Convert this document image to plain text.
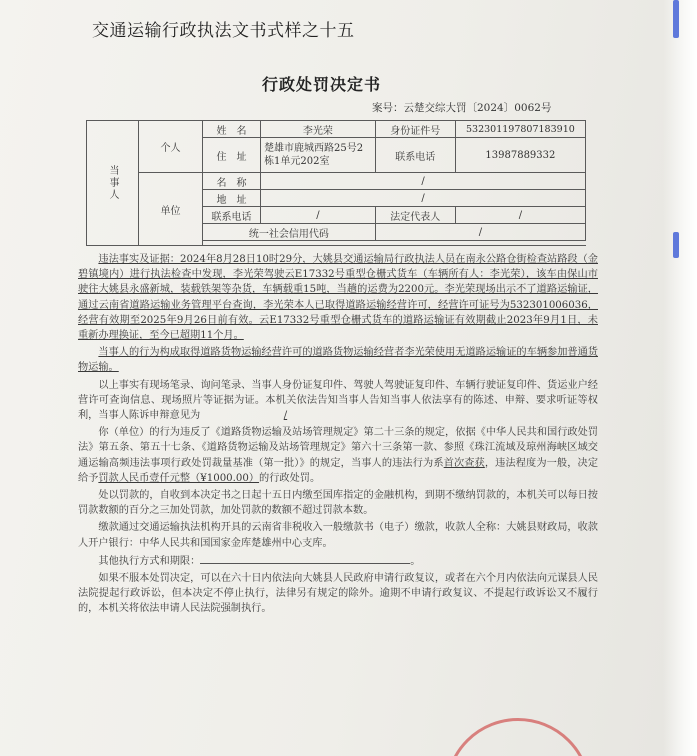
交通运输行政执法文书式样之十五
行政处罚决定书
案号：云楚交综大罚〔2024〕0062号
当事人	个人	姓　名	李光荣	身份证件号	532301197807183910
		住　址	楚雄市鹿城西路25号2栋1单元202室	联系电话	13987889332
	单位	名　称	/		
		地　址	/		
		联系电话	/	法定代表人	/
		统一社会信用代码		/	

违法事实及证据：2024年8月28日10时29分，大姚县交通运输局行政执法人员在南永公路仓街检查站路段（金碧镇境内）进行执法检查中发现，李光荣驾驶云E17332号重型仓栅式货车（车辆所有人：李光荣），该车由保山市驶往大姚县永盛新城，装载铁架等杂货，车辆载重15吨，当趟的运费为2200元。李光荣现场出示不了道路运输证，通过云南省道路运输业务管理平台查询，李光荣本人已取得道路运输经营许可，经营许可证号为532301006036，经营有效期至2025年9月26日前有效。云E17332号重型仓栅式货车的道路运输证有效期截止2023年9月1日，未重新办理换证，至今已超期11个月。

当事人的行为构成取得道路货物运输经营许可的道路货物运输经营者李光荣使用无道路运输证的车辆参加普通货物运输。

以上事实有现场笔录、询问笔录、当事人身份证复印件、驾驶人驾驶证复印件、车辆行驶证复印件、货运业户经营许可查询信息、现场照片等证据为证。本机关依法告知当事人告知当事人依法享有的陈述、申辩、要求听证等权利，当事人陈诉申辩意见为	/

你（单位）的行为违反了《道路货物运输及站场管理规定》第二十三条的规定，依据《中华人民共和国行政处罚法》第五条、第五十七条、《道路货物运输及站场管理规定》第六十三条第一款、参照《珠江流域及琼州海峡区域交通运输高频违法事项行政处罚裁量基准（第一批）》的规定，当事人的违法行为系首次查获，违法程度为一般，决定给予罚款人民币壹仟元整（¥1000.00）的行政处罚。

处以罚款的，自收到本决定书之日起十五日内缴至国库指定的金融机构，到期不缴纳罚款的，本机关可以每日按罚款数额的百分之三加处罚款，加处罚款的数额不超过罚款本数。

缴款通过交通运输执法机构开具的云南省非税收入一般缴款书（电子）缴款，收款人全称：大姚县财政局，收款人开户银行：中华人民共和国国家金库楚雄州中心支库。

其他执行方式和期限：	。

如果不服本处罚决定，可以在六十日内依法向大姚县人民政府申请行政复议，或者在六个月内依法向元谋县人民法院提起行政诉讼，但本决定不停止执行，法律另有规定的除外。逾期不申请行政复议、不提起行政诉讼又不履行的，本机关将依法申请人民法院强制执行。
